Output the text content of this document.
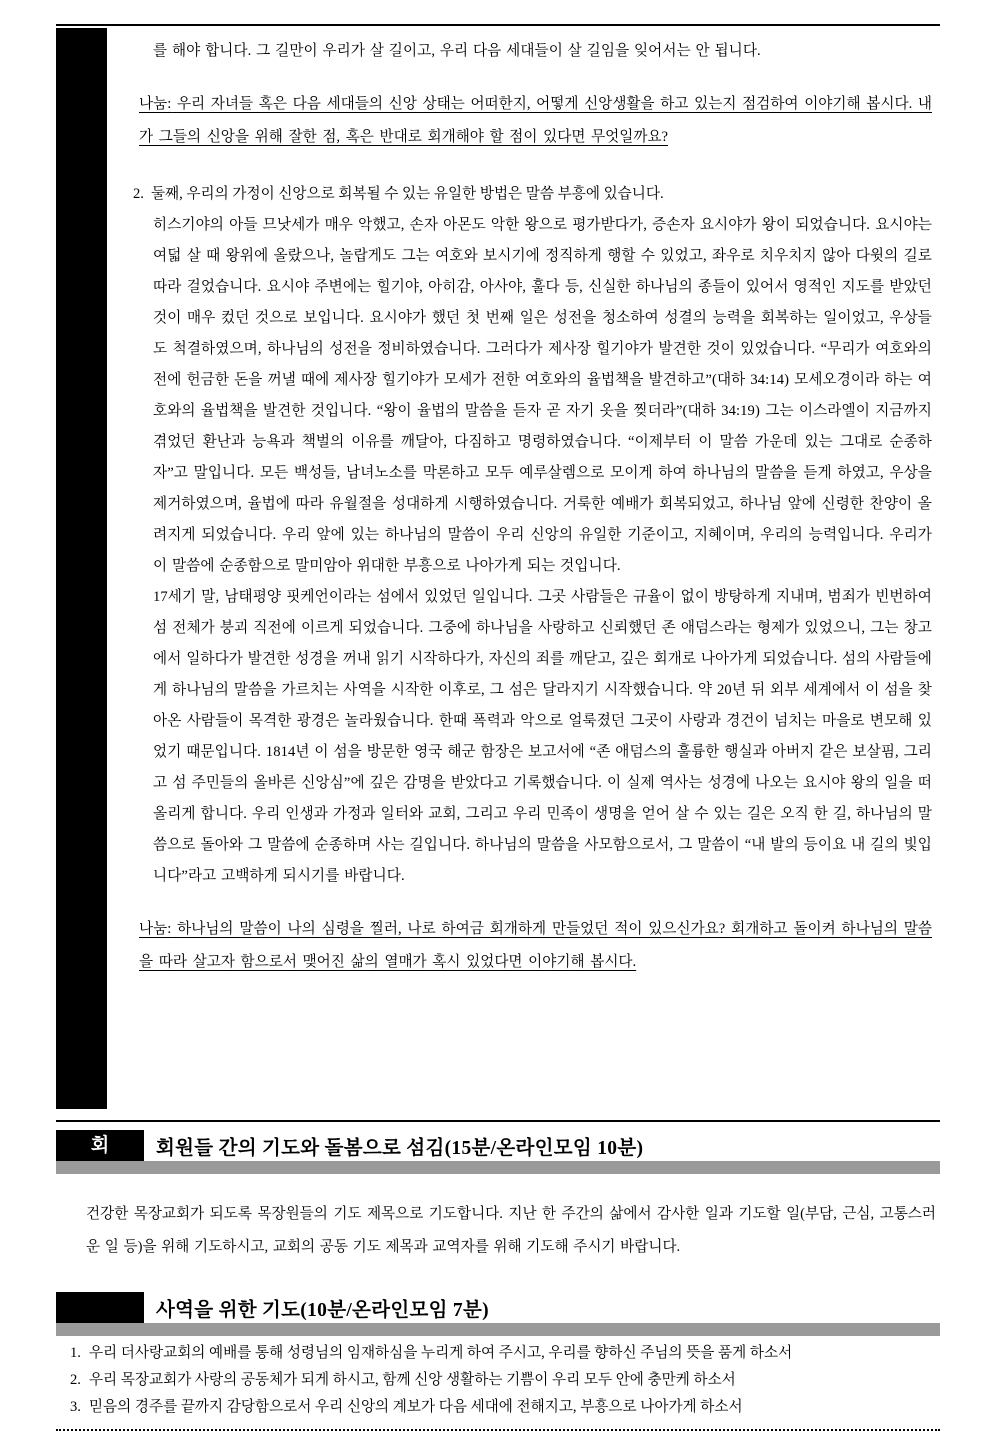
를 해야 합니다. 그 길만이 우리가 살 길이고, 우리 다음 세대들이 살 길임을 잊어서는 안 됩니다.

나눔: 우리 자녀들 혹은 다음 세대들의 신앙 상태는 어떠한지, 어떻게 신앙생활을 하고 있는지 점검하여 이야기해 봅시다. 내가 그들의 신앙을 위해 잘한 점, 혹은 반대로 회개해야 할 점이 있다면 무엇일까요?
2. 둘째, 우리의 가정이 신앙으로 회복될 수 있는 유일한 방법은 말씀 부흥에 있습니다.

히스기야의 아들 므낫세가 매우 악했고, 손자 아몬도 악한 왕으로 평가받다가, 증손자 요시야가 왕이 되었습니다. 요시야는 여덟 살 때 왕위에 올랐으나, 놀랍게도 그는 여호와 보시기에 정직하게 행할 수 있었고, 좌우로 치우치지 않아 다윗의 길로 따라 걸었습니다. 요시야 주변에는 힐기야, 아히감, 아사야, 훌다 등, 신실한 하나님의 종들이 있어서 영적인 지도를 받았던 것이 매우 컸던 것으로 보입니다. 요시야가 했던 첫 번째 일은 성전을 청소하여 성결의 능력을 회복하는 일이었고, 우상들도 척결하였으며, 하나님의 성전을 정비하였습니다. 그러다가 제사장 힐기야가 발견한 것이 있었습니다. “무리가 여호와의 전에 헌금한 돈을 꺼낼 때에 제사장 힐기야가 모세가 전한 여호와의 율법책을 발견하고”(대하 34:14) 모세오경이라 하는 여호와의 율법책을 발견한 것입니다. “왕이 율법의 말씀을 듣자 곧 자기 옷을 찢더라”(대하 34:19) 그는 이스라엘이 지금까지 겪었던 환난과 능욕과 책벌의 이유를 깨달아, 다짐하고 명령하였습니다. “이제부터 이 말씀 가운데 있는 그대로 순종하자”고 말입니다. 모든 백성들, 남녀노소를 막론하고 모두 예루살렘으로 모이게 하여 하나님의 말씀을 듣게 하였고, 우상을 제거하였으며, 율법에 따라 유월절을 성대하게 시행하였습니다. 거룩한 예배가 회복되었고, 하나님 앞에 신령한 찬양이 올려지게 되었습니다. 우리 앞에 있는 하나님의 말씀이 우리 신앙의 유일한 기준이고, 지혜이며, 우리의 능력입니다. 우리가 이 말씀에 순종함으로 말미암아 위대한 부흥으로 나아가게 되는 것입니다.

17세기 말, 남태평양 핏케언이라는 섬에서 있었던 일입니다. 그곳 사람들은 규율이 없이 방탕하게 지내며, 범죄가 빈번하여 섬 전체가 붕괴 직전에 이르게 되었습니다. 그중에 하나님을 사랑하고 신뢰했던 존 애덤스라는 형제가 있었으니, 그는 창고에서 일하다가 발견한 성경을 꺼내 읽기 시작하다가, 자신의 죄를 깨닫고, 깊은 회개로 나아가게 되었습니다. 섬의 사람들에게 하나님의 말씀을 가르치는 사역을 시작한 이후로, 그 섬은 달라지기 시작했습니다. 약 20년 뒤 외부 세계에서 이 섬을 찾아온 사람들이 목격한 광경은 놀라웠습니다. 한때 폭력과 악으로 얼룩졌던 그곳이 사랑과 경건이 넘치는 마을로 변모해 있었기 때문입니다. 1814년 이 섬을 방문한 영국 해군 함장은 보고서에 “존 애덤스의 훌륭한 행실과 아버지 같은 보살핌, 그리고 섬 주민들의 올바른 신앙심”에 깊은 감명을 받았다고 기록했습니다. 이 실제 역사는 성경에 나오는 요시야 왕의 일을 떠올리게 합니다. 우리 인생과 가정과 일터와 교회, 그리고 우리 민족이 생명을 얻어 살 수 있는 길은 오직 한 길, 하나님의 말씀으로 돌아와 그 말씀에 순종하며 사는 길입니다. 하나님의 말씀을 사모함으로서, 그 말씀이 “내 발의 등이요 내 길의 빛입니다”라고 고백하게 되시기를 바랍니다.

나눔: 하나님의 말씀이 나의 심령을 찔러, 나로 하여금 회개하게 만들었던 적이 있으신가요? 회개하고 돌이켜 하나님의 말씀을 따라 살고자 함으로서 맺어진 삶의 열매가 혹시 있었다면 이야기해 봅시다.
회	회원들 간의 기도와 돌봄으로 섬김(15분/온라인모임 10분)

건강한 목장교회가 되도록 목장원들의 기도 제목으로 기도합니다. 지난 한 주간의 삶에서 감사한 일과 기도할 일(부담, 근심, 고통스러운 일 등)을 위해 기도하시고, 교회의 공동 기도 제목과 교역자를 위해 기도해 주시기 바랍니다.

사역을 위한 기도(10분/온라인모임 7분)
1. 우리 더사랑교회의 예배를 통해 성령님의 임재하심을 누리게 하여 주시고, 우리를 향하신 주님의 뜻을 품게 하소서
2. 우리 목장교회가 사랑의 공동체가 되게 하시고, 함께 신앙 생활하는 기쁨이 우리 모두 안에 충만케 하소서
3. 믿음의 경주를 끝까지 감당함으로서 우리 신앙의 계보가 다음 세대에 전해지고, 부흥으로 나아가게 하소서
